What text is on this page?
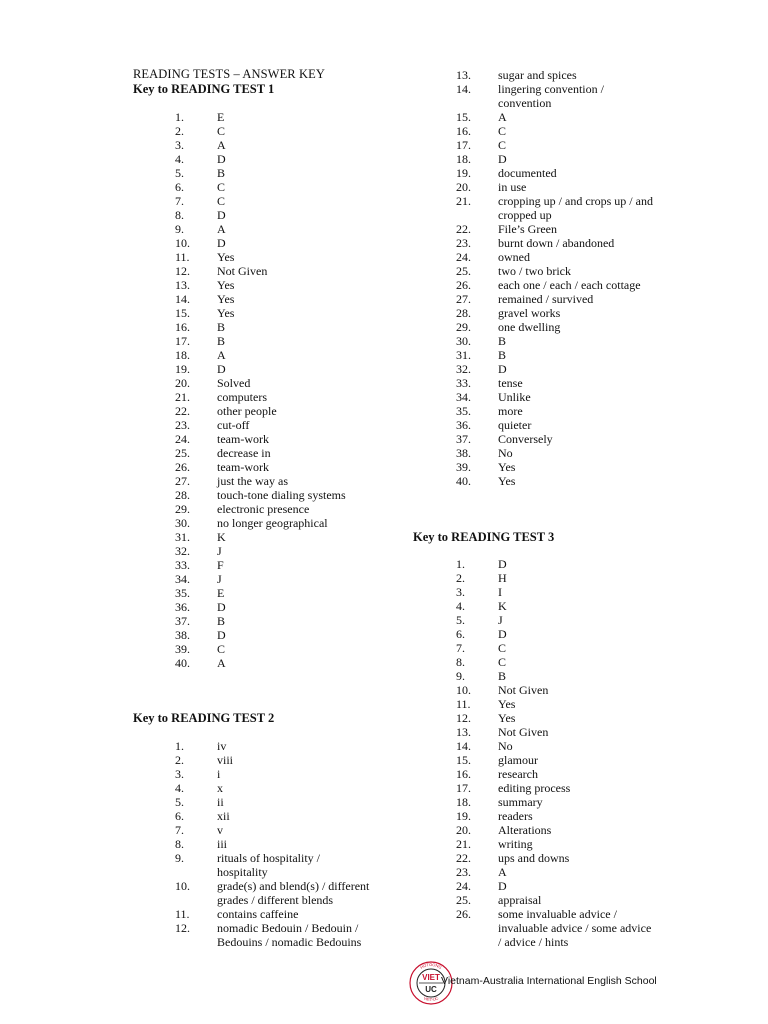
READING TESTS – ANSWER KEY
Key to READING TEST 1
1.	E
2.	C
3.	A
4.	D
5.	B
6.	C
7.	C
8.	D
9.	A
10. D
11. Yes
12. Not Given
13. Yes
14. Yes
15. Yes
16. B
17. B
18. A
19. D
20. Solved
21. computers
22. other people
23. cut-off
24. team-work
25. decrease in
26. team-work
27. just the way as
28. touch-tone dialing systems
29. electronic presence
30. no longer geographical
31. K
32. J
33. F
34. J
35. E
36. D
37. B
38. D
39. C
40. A
Key to READING TEST 2
1.	iv
2.	viii
3.	i
4.	x
5.	ii
6.	xii
7.	v
8.	iii
9.	rituals of hospitality /
hospitality
10. grade(s) and blend(s) / different
grades / different blends
11. contains caffeine
12. nomadic Bedouin / Bedouin /
Bedouins / nomadic Bedouins
13. sugar and spices
14. lingering convention /
convention
15. A
16. C
17. C
18. D
19. documented
20. in use
21. cropping up / and crops up / and
cropped up
22. File’s Green
23. burnt down / abandoned
24. owned
25. two / two brick
26. each one / each / each cottage
27. remained / survived
28. gravel works
29. one dwelling
30. B
31. B
32. D
33. tense
34. Unlike
35. more
36. quieter
37. Conversely
38. No
39. Yes
40. Yes
Key to READING TEST 3
1.	D
2.	H
3.	I
4.	K
5.	J
6.	D
7.	C
8.	C
9.	B
10. Not Given
11. Yes
12. Yes
13. Not Given
14. No
15. glamour
16. research
17. editing process
18. summary
19. readers
20. Alterations
21. writing
22. ups and downs
23. A
24. D
25. appraisal
26. some invaluable advice /
invaluable advice / some advice
/ advice / hints
VIET
UC
HOTOONG
VIET-UC
Vietnam-Australia International English School
